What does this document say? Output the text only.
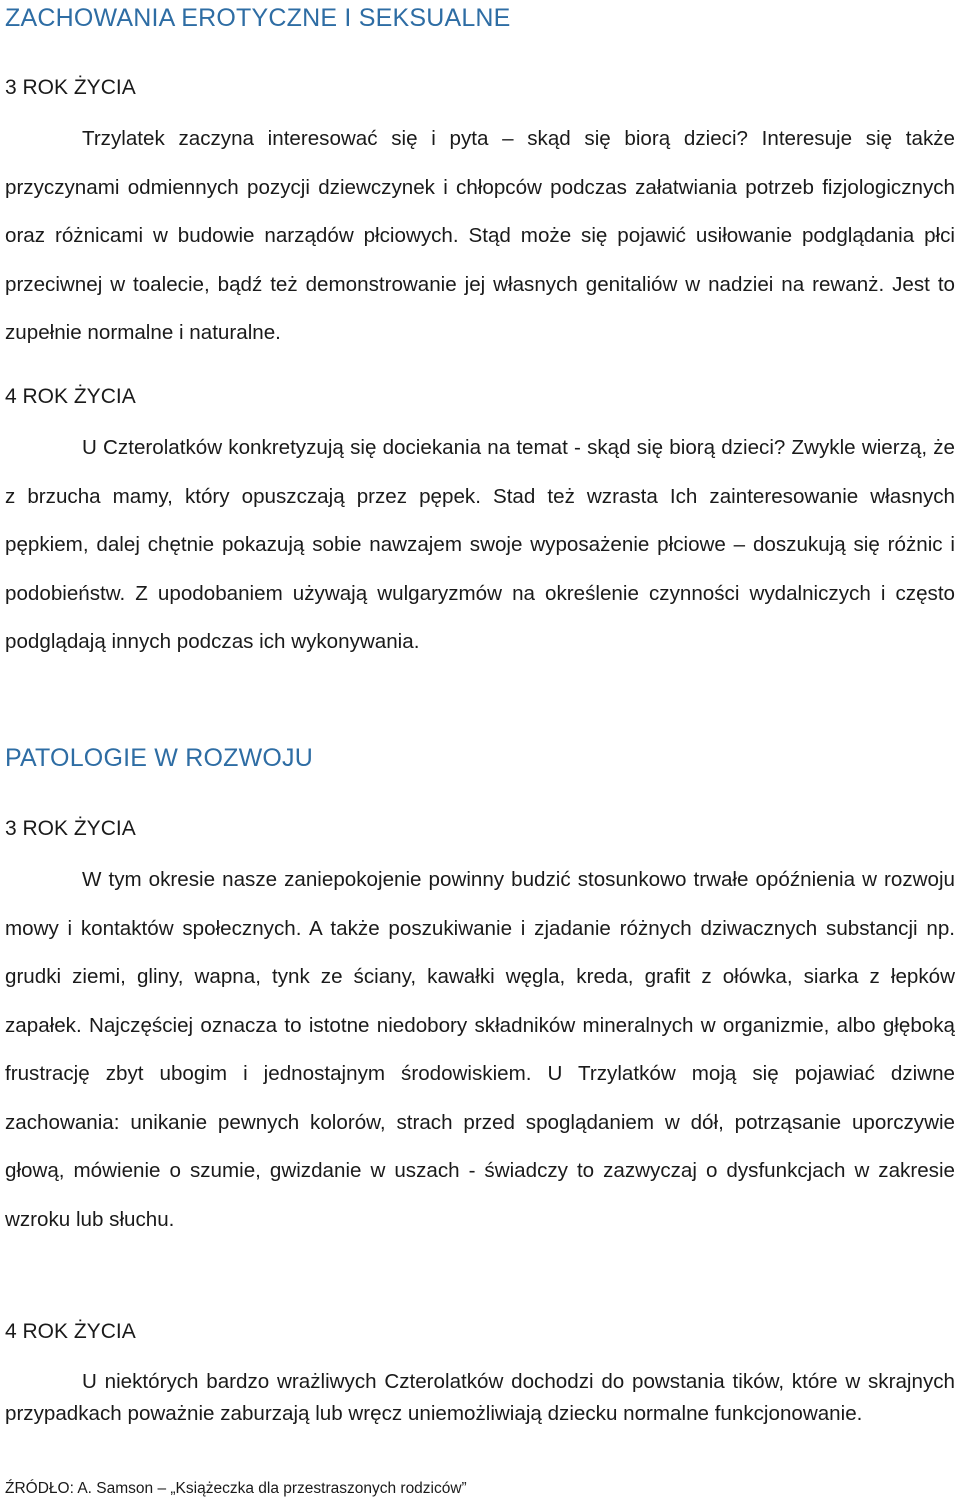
ZACHOWANIA EROTYCZNE I SEKSUALNE

3 ROK ŻYCIA

Trzylatek zaczyna interesować się i pyta – skąd się biorą dzieci? Interesuje się także przyczynami odmiennych pozycji dziewczynek i chłopców podczas załatwiania potrzeb fizjologicznych oraz różnicami w budowie narządów płciowych. Stąd może się pojawić usiłowanie podglądania płci przeciwnej w toalecie, bądź też demonstrowanie jej własnych genitaliów w nadziei na rewanż. Jest to zupełnie normalne i naturalne.

4 ROK ŻYCIA

U Czterolatków konkretyzują się dociekania na temat - skąd się biorą dzieci? Zwykle wierzą, że z brzucha mamy, który opuszczają przez pępek. Stad też wzrasta Ich zainteresowanie własnych pępkiem, dalej chętnie pokazują sobie nawzajem swoje wyposażenie płciowe – doszukują się różnic i podobieństw. Z upodobaniem używają wulgaryzmów na określenie czynności wydalniczych i często podglądają innych podczas ich wykonywania.

PATOLOGIE W ROZWOJU

3 ROK ŻYCIA

W tym okresie nasze zaniepokojenie powinny budzić stosunkowo trwałe opóźnienia w rozwoju mowy i kontaktów społecznych. A także poszukiwanie i zjadanie różnych dziwacznych substancji np. grudki ziemi, gliny, wapna, tynk ze ściany, kawałki węgla, kreda, grafit z ołówka, siarka z łepków zapałek. Najczęściej oznacza to istotne niedobory składników mineralnych w organizmie, albo głęboką frustrację zbyt ubogim i jednostajnym środowiskiem. U Trzylatków moją się pojawiać dziwne zachowania: unikanie pewnych kolorów, strach przed spoglądaniem w dół, potrząsanie uporczywie głową, mówienie o szumie, gwizdanie w uszach - świadczy to zazwyczaj o dysfunkcjach w zakresie wzroku lub słuchu.

4 ROK ŻYCIA

U niektórych bardzo wrażliwych Czterolatków dochodzi do powstania tików, które w skrajnych przypadkach poważnie zaburzają lub wręcz uniemożliwiają dziecku normalne funkcjonowanie.

ŹRÓDŁO: A. Samson – „Książeczka dla przestraszonych rodziców”
